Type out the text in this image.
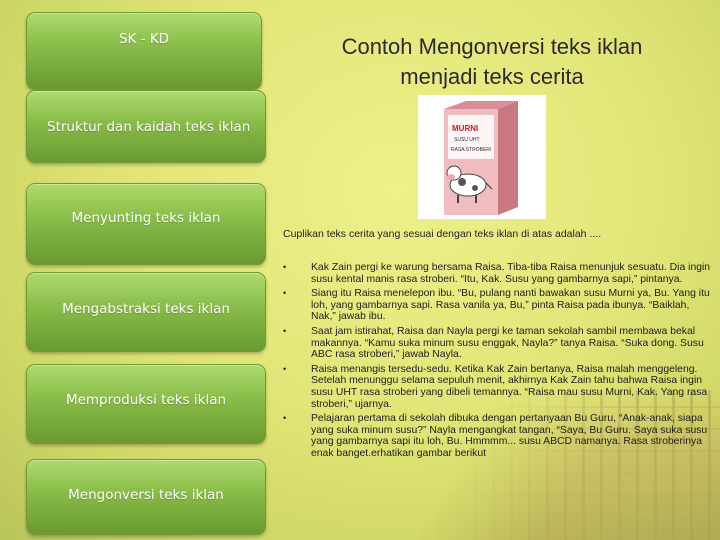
SK - KD
Struktur dan kaidah teks iklan
Menyunting teks iklan
Mengabstraksi teks iklan
Memproduksi teks iklan
Mengonversi teks iklan
Contoh Mengonversi teks iklan
menjadi teks cerita
MURNI
SUSU UHT
RASA STROBERI
Cuplikan teks cerita yang sesuai dengan teks iklan di atas adalah ....
• Kak Zain pergi ke warung bersama Raisa. Tiba-tiba Raisa menunjuk sesuatu. Dia ingin susu kental manis rasa stroberi. “Itu, Kak. Susu yang gambarnya sapi,” pintanya.
• Siang itu Raisa menelepon ibu. “Bu, pulang nanti bawakan susu Murni ya, Bu. Yang itu loh, yang gambarnya sapi. Rasa vanila ya, Bu,” pinta Raisa pada ibunya. “Baiklah, Nak,” jawab ibu.
• Saat jam istirahat, Raisa dan Nayla pergi ke taman sekolah sambil membawa bekal makannya. “Kamu suka minum susu enggak, Nayla?” tanya Raisa. “Suka dong. Susu ABC rasa stroberi,” jawab Nayla.
• Raisa menangis tersedu-sedu. Ketika Kak Zain bertanya, Raisa malah menggeleng. Setelah menunggu selama sepuluh menit, akhirnya Kak Zain tahu bahwa Raisa ingin susu UHT rasa stroberi yang dibeli temannya. “Raisa mau susu Murni, Kak. Yang rasa stroberi,” ujarnya.
• Pelajaran pertama di sekolah dibuka dengan pertanyaan Bu Guru, “Anak-anak, siapa yang suka minum susu?” Nayla mengangkat tangan, “Saya, Bu Guru. Saya suka susu yang gambarnya sapi itu loh, Bu. Hmmmm... susu ABCD namanya. Rasa stroberinya enak banget.erhatikan gambar berikut
